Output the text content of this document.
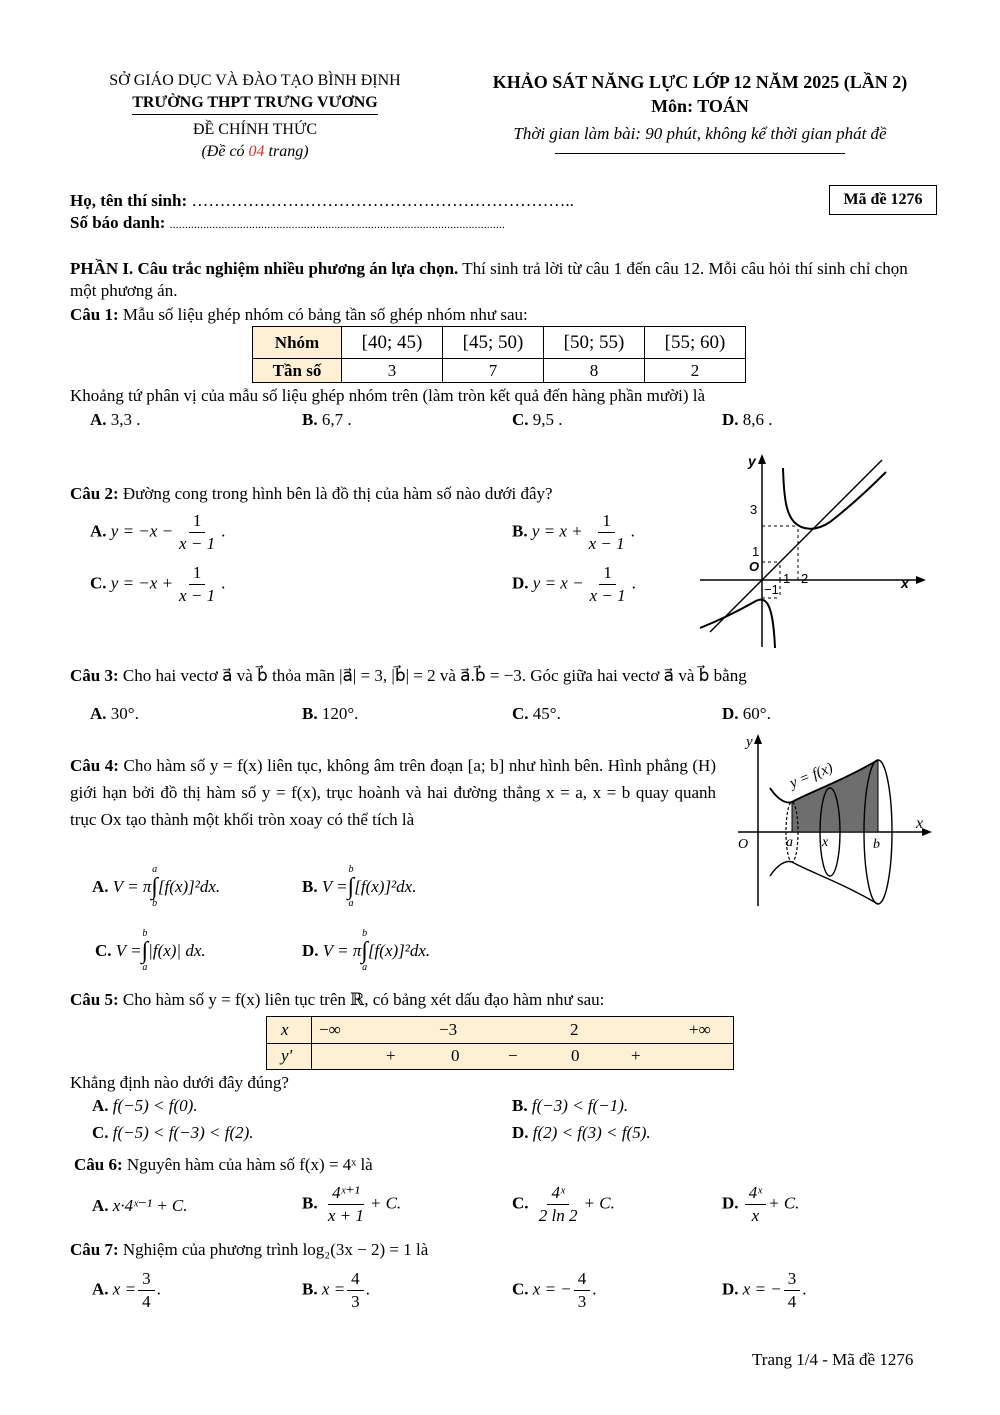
SỞ GIÁO DỤC VÀ ĐÀO TẠO BÌNH ĐỊNH
TRƯỜNG THPT TRƯNG VƯƠNG
ĐỀ CHÍNH THỨC
(Đề có 04 trang)
KHẢO SÁT NĂNG LỰC LỚP 12 NĂM 2025 (LẦN 2)
Môn: TOÁN
Thời gian làm bài: 90 phút, không kể thời gian phát đề
Họ, tên thí sinh: …………………………………………………………..
Số báo danh: ..............................................................................................................
Mã đề 1276
PHẦN I. Câu trắc nghiệm nhiều phương án lựa chọn. Thí sinh trả lời từ câu 1 đến câu 12. Mỗi câu hỏi thí sinh chỉ chọn một phương án.
Câu 1: Mẫu số liệu ghép nhóm có bảng tần số ghép nhóm như sau:
Nhóm	[40; 45)	[45; 50)	[50; 55)	[55; 60)
Tần số	3	7	8	2
Khoảng tứ phân vị của mẫu số liệu ghép nhóm trên (làm tròn kết quả đến hàng phần mười) là
A. 3,3 .	B. 6,7 .	C. 9,5 .	D. 8,6 .
Câu 2: Đường cong trong hình bên là đồ thị của hàm số nào dưới đây?
A. $y = -x - \frac{1}{x - 1}$ .	B. $y = x + \frac{1}{x - 1}$ .
C. $y = -x + \frac{1}{x - 1}$ .	D. $y = x - \frac{1}{x - 1}$ .
y
x
O
3
1
−1
1 2
Câu 3: Cho hai vectơ a⃗ và b⃗ thỏa mãn |a⃗| = 3, |b⃗| = 2 và a⃗.b⃗ = −3. Góc giữa hai vectơ a⃗ và b⃗ bằng
A. 30°.	B. 120°.	C. 45°.	D. 60°.
Câu 4: Cho hàm số y = f(x) liên tục, không âm trên đoạn [a; b] như hình bên. Hình phẳng (H) giới hạn bởi đồ thị hàm số y = f(x), trục hoành và hai đường thẳng x = a, x = b quay quanh trục Ox tạo thành một khối tròn xoay có thể tích là
A.
V = π
a
∫
b
[f(x)]²dx.	B.
V =
b
∫
a
[f(x)]²dx.
C.
V =
b
∫
a
|f(x)| dx.	D.
V = π
b
∫
a
[f(x)]²dx.
y
x
O	a x	b
y = f(x)
Câu 5: Cho hàm số y = f(x) liên tục trên ℝ, có bảng xét dấu đạo hàm như sau:
x −∞	−3	2	+∞
y'	+	0	−	0	+
Khẳng định nào dưới đây đúng?
A. f(−5) < f(0).	B. f(−3) < f(−1).
C. f(−5) < f(−3) < f(2).	D. f(2) < f(3) < f(5).
Câu 6: Nguyên hàm của hàm số f(x) = 4ˣ là
A. x·4ˣ⁻¹ + C.	B. $\frac{\text{4ˣ⁺¹}}{x + 1} + C$.	C. $\frac{\text{4ˣ}}{2 \ln 2} + C$.	D. $\frac{\text{4ˣ}}{x} + C$.
Câu 7: Nghiệm của phương trình log₂(3x − 2) = 1 là
A. $x = \frac{3}{4}$ .	B. $x = \frac{4}{3}$ .	C. x = − $\frac{4}{3}$ .	D. x = − $\frac{3}{4}$ .
Trang 1/4 - Mã đề 1276
